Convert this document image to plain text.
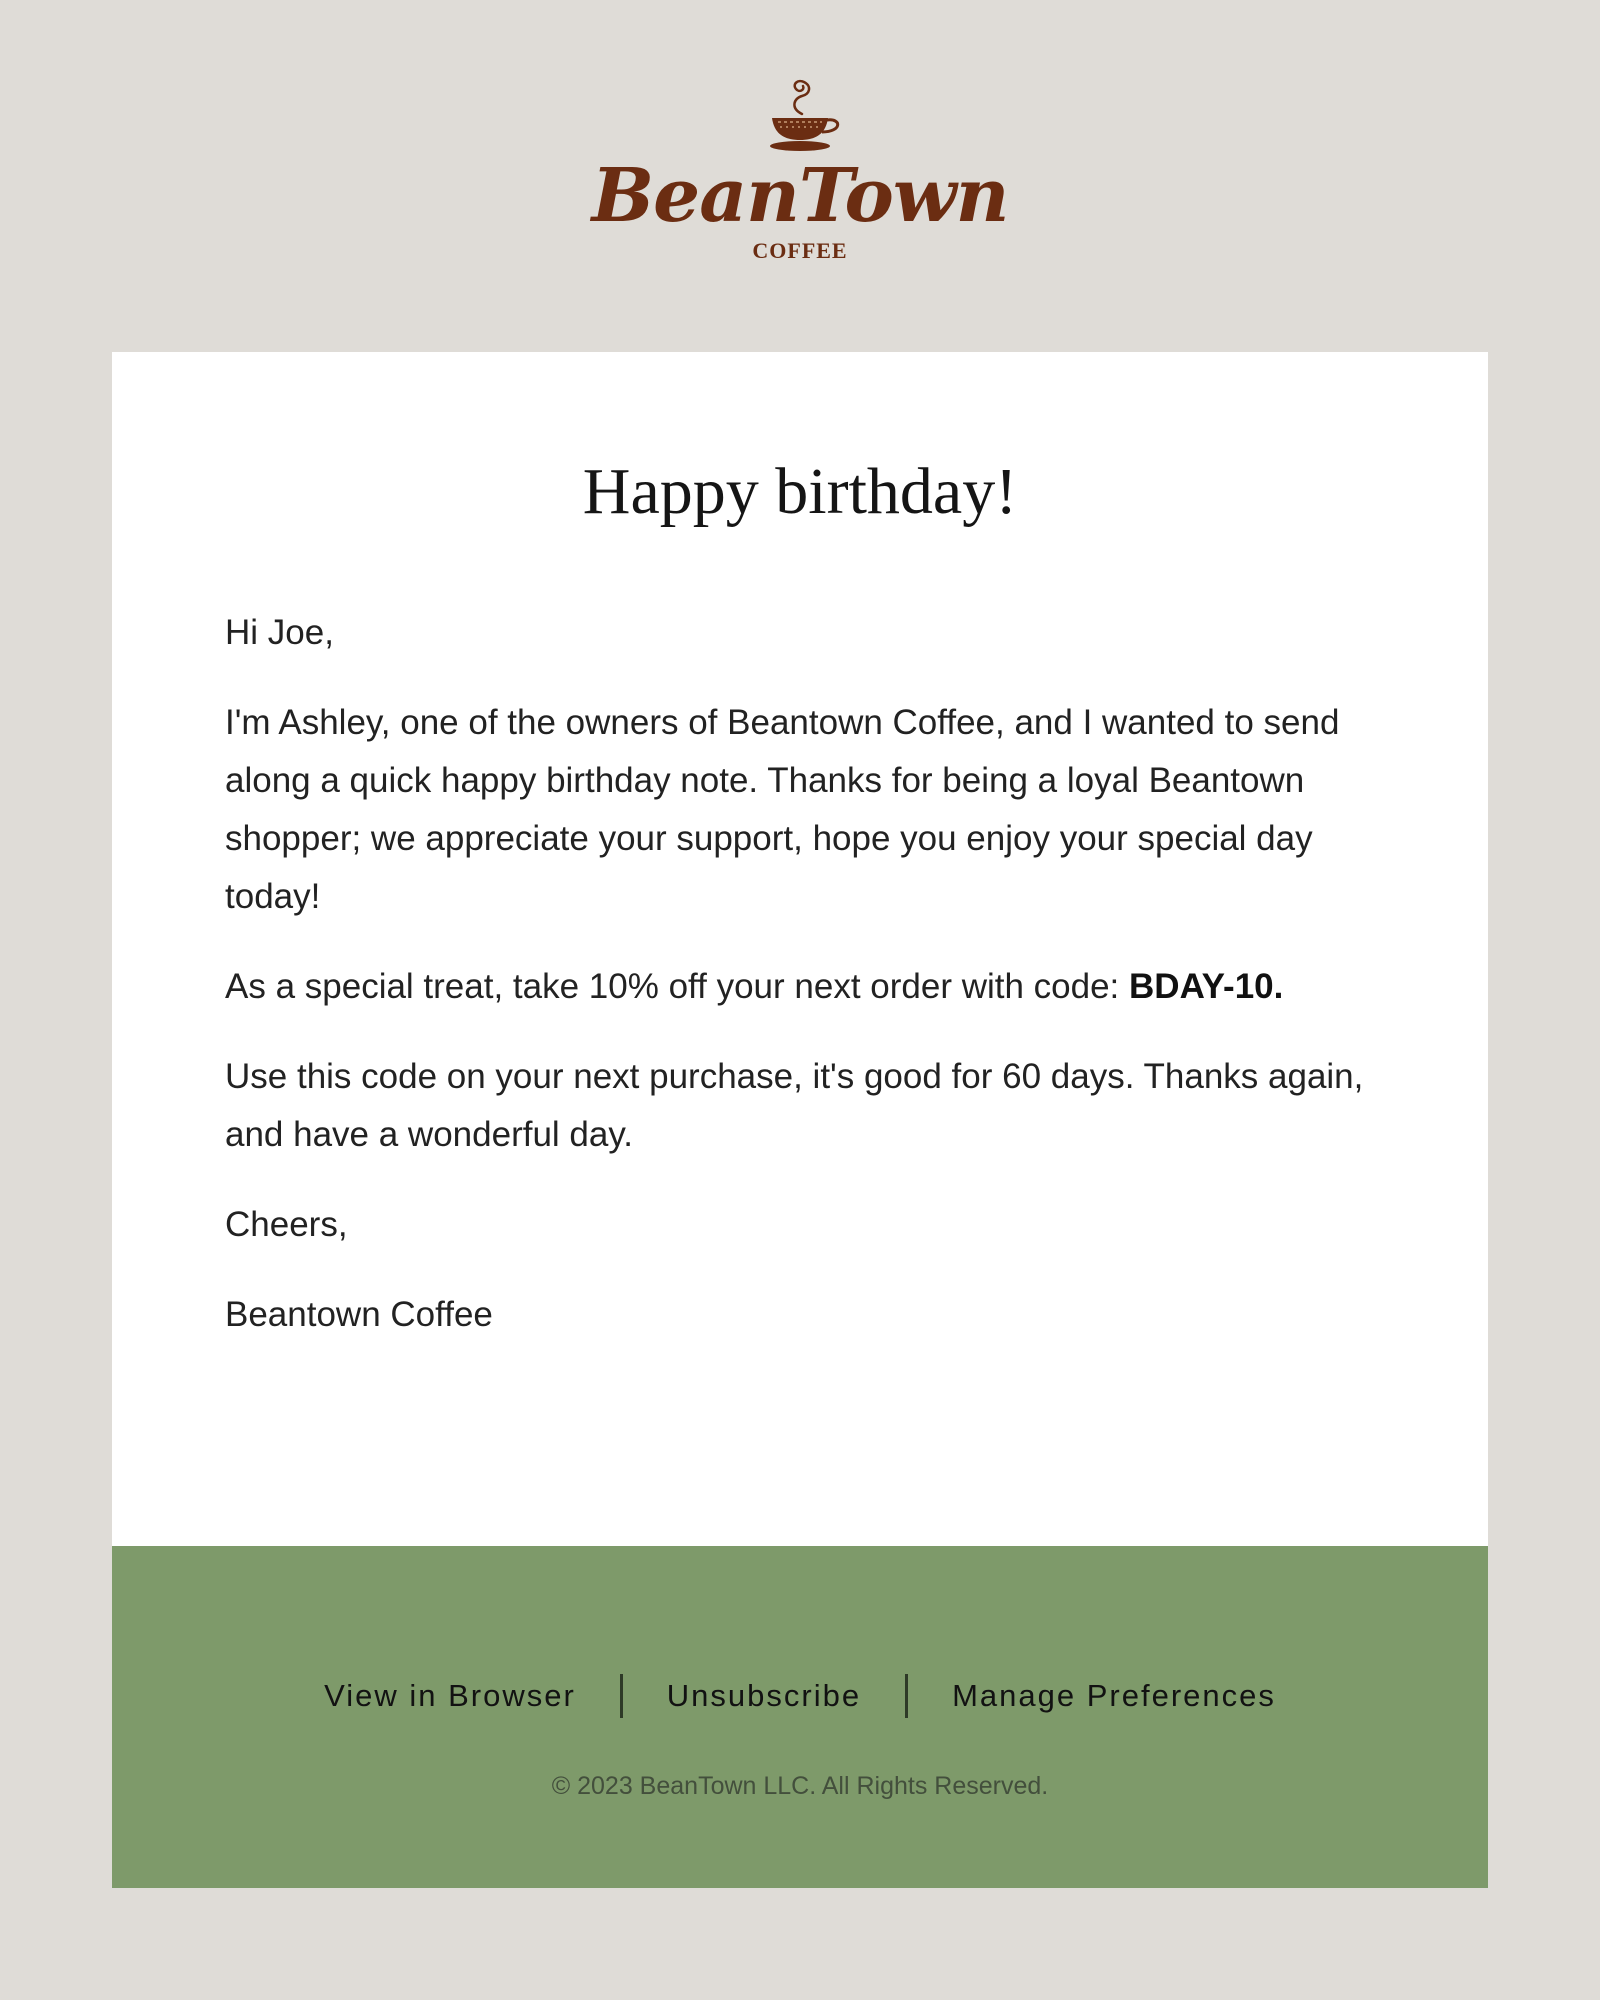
BeanTown
COFFEE
Happy birthday!

Hi Joe,

I'm Ashley, one of the owners of Beantown Coffee, and I wanted to send along a quick happy birthday note. Thanks for being a loyal Beantown shopper; we appreciate your support, hope you enjoy your special day today!

As a special treat, take 10% off your next order with code: BDAY-10.

Use this code on your next purchase, it's good for 60 days. Thanks again, and have a wonderful day.

Cheers,

Beantown Coffee

View in Browser	Unsubscribe	Manage Preferences
© 2023 BeanTown LLC. All Rights Reserved.
